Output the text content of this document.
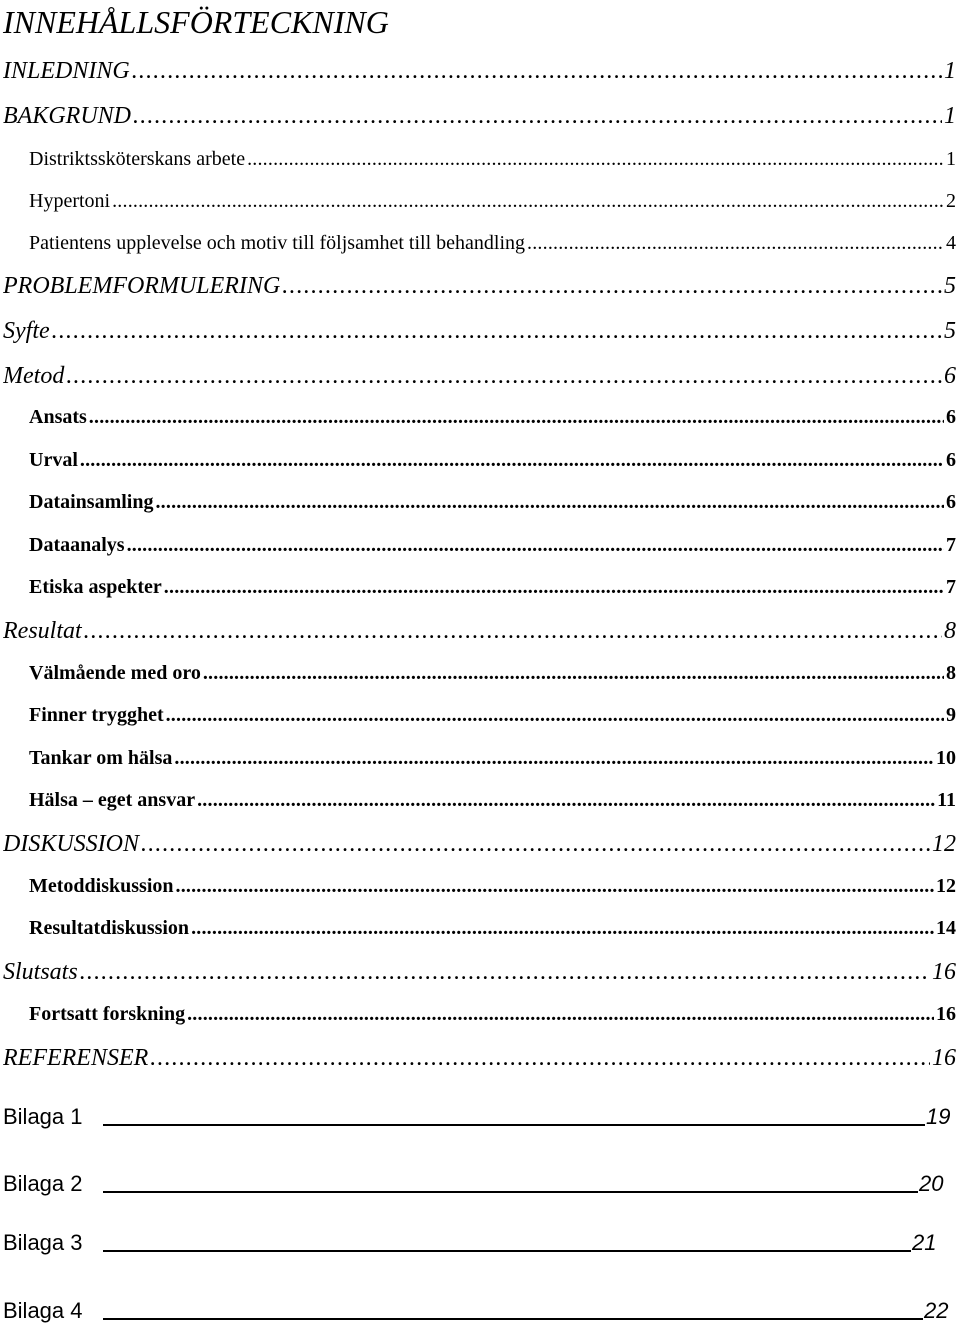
INNEHÅLLSFÖRTECKNING
INLEDNING . . .	1
BAKGRUND . . .	1
Distriktssköterskans arbete . . .	1
Hypertoni . . .	2
Patientens upplevelse och motiv till följsamhet till behandling . . .	4
PROBLEMFORMULERING . . .	5
Syfte . . .	5
Metod . . .	6
Ansats . . .	6
Urval . . .	6
Datainsamling . . .	6
Dataanalys . . .	7
Etiska aspekter . . .	7
Resultat . . .	8
Välmående med oro . . .	8
Finner trygghet . . .	9
Tankar om hälsa . . .	10
Hälsa – eget ansvar . . .	11
DISKUSSION . . .	12
Metoddiskussion . . .	12
Resultatdiskussion . . .	14
Slutsats . . .	16
Fortsatt forskning . . .	16
REFERENSER . . .	16
Bilaga 1	19
Bilaga 2	20
Bilaga 3	21
Bilaga 4	22
